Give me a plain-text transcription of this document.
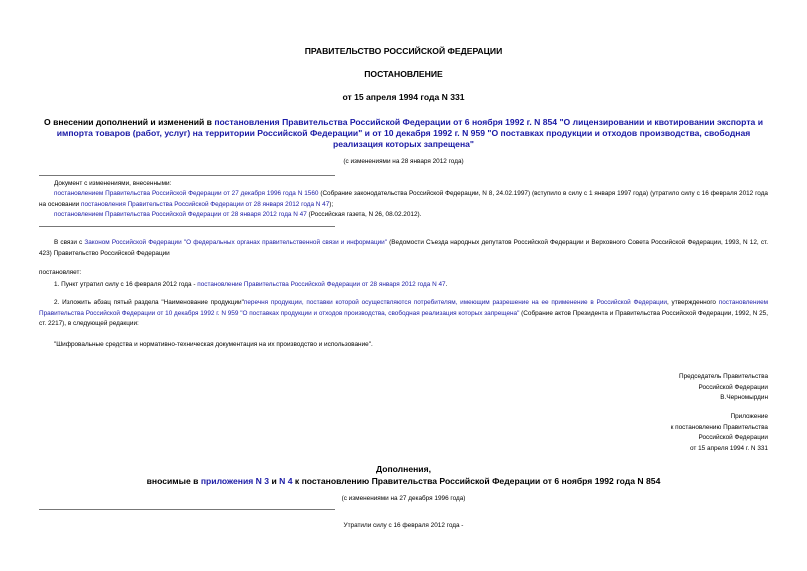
ПРАВИТЕЛЬСТВО РОССИЙСКОЙ ФЕДЕРАЦИИ
ПОСТАНОВЛЕНИЕ
от 15 апреля 1994 года N 331
О внесении дополнений и изменений в постановления Правительства Российской Федерации от 6 ноября 1992 г. N 854 "О лицензировании и квотировании экспорта и импорта товаров (работ, услуг) на территории Российской Федерации" и от 10 декабря 1992 г. N 959 "О поставках продукции и отходов производства, свободная реализация которых запрещена"
(с изменениями на 28 января 2012 года)
Документ с изменениями, внесенными:
постановлением Правительства Российской Федерации от 27 декабря 1996 года N 1560 (Собрание законодательства Российской Федерации, N 8, 24.02.1997) (вступило в силу с 1 января 1997 года) (утратило силу с 16 февраля 2012 года на основании постановления Правительства Российской Федерации от 28 января 2012 года N 47);
постановлением Правительства Российской Федерации от 28 января 2012 года N 47 (Российская газета, N 26, 08.02.2012).
В связи с Законом Российской Федерации "О федеральных органах правительственной связи и информации" (Ведомости Съезда народных депутатов Российской Федерации и Верховного Совета Российской Федерации, 1993, N 12, ст. 423) Правительство Российской Федерации
постановляет:
1. Пункт утратил силу с 16 февраля 2012 года - постановление Правительства Российской Федерации от 28 января 2012 года N 47.
2. Изложить абзац пятый раздела "Наименование продукции"перечня продукции, поставки которой осуществляются потребителям, имеющим разрешение на ее применение в Российской Федерации, утвержденного постановлением Правительства Российской Федерации от 10 декабря 1992 г. N 959 "О поставках продукции и отходов производства, свободная реализация которых запрещена" (Собрание актов Президента и Правительства Российской Федерации, 1992, N 25, ст. 2217), в следующей редакции:
"Шифровальные средства и нормативно-техническая документация на их производство и использование".
Председатель Правительства
Российской Федерации
В.Черномырдин
Приложение
к постановлению Правительства
Российской Федерации
от 15 апреля 1994 г. N 331
Дополнения,
вносимые в приложения N 3 и N 4 к постановлению Правительства Российской Федерации от 6 ноября 1992 года N 854
(с изменениями на 27 декабря 1996 года)
Утратили силу с 16 февраля 2012 года -
